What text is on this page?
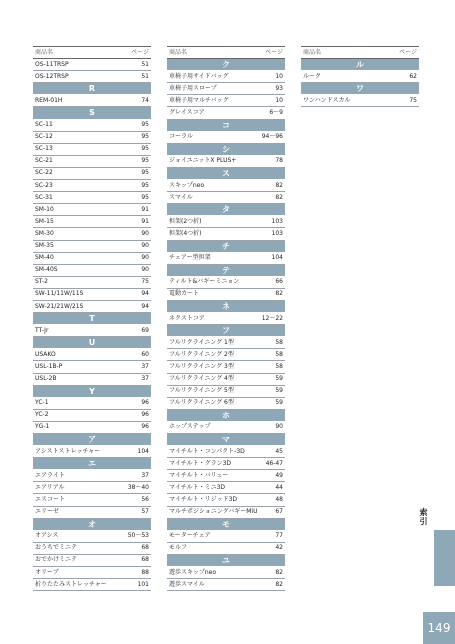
商品名	ページ
OS-11TRSP	51
OS-12TRSP	51
R
REM-01H	74
S
SC-11	95
SC-12	95
SC-13	95
SC-21	95
SC-22	95
SC-23	95
SC-31	95
SM-10	91
SM-15	91
SM-30	90
SM-35	90
SM-40	90
SM-40S	90
ST-2	75
SW-11/11W/11S	94
SW-21/21W/21S	94
T
TT-Jr	69
U
USAKO	60
USL-1B-P	37
USL-2B	37
Y
YC-1	96
YC-2	96
YG-1	96
ア
アシストストレッチャー	104
エ
エアライト	37
エアリアル	38〜40
エスコート	56
エリーゼ	57
オ
オアシス	50〜53
おうちでミニテ	68
おでかけミニテ	68
オリーブ	88
折りたたみストレッチャー	101
商品名	ページ
ク
車椅子用サイドバッグ	10
車椅子用スロープ	93
車椅子用マルチバッグ	10
グレイスコア	6〜9
コ
コーラル	94〜96
シ
ジョイユニットX PLUS+	78
ス
スキップneo	82
スマイル	82
タ
担架(2つ折)	103
担架(4つ折)	103
チ
チェアー型担架	104
テ
ティルト&バギーミニョン	66
電動カート	82
ネ
ネクストコア	12〜22
フ
フルリクライニング 1型	58
フルリクライニング 2型	58
フルリクライニング 3型	58
フルリクライニング 4型	59
フルリクライニング 5型	59
フルリクライニング 6型	59
ホ
ホップステップ	90
マ
マイチルト・コンパクト-3D	45
マイチルト・グラン3D	46-47
マイチルト・バリュー	49
マイチルト・ミニ3D	44
マイチルト・リジッド3D	48
マルチポジショニングバギーMiU	67
モ
モーターチェア	77
モルフ	42
ユ
遊歩スキップneo	82
遊歩スマイル	82
商品名	ページ
ル
ルーク	62
ワ
ワンハンドスカル	75
索引
149
